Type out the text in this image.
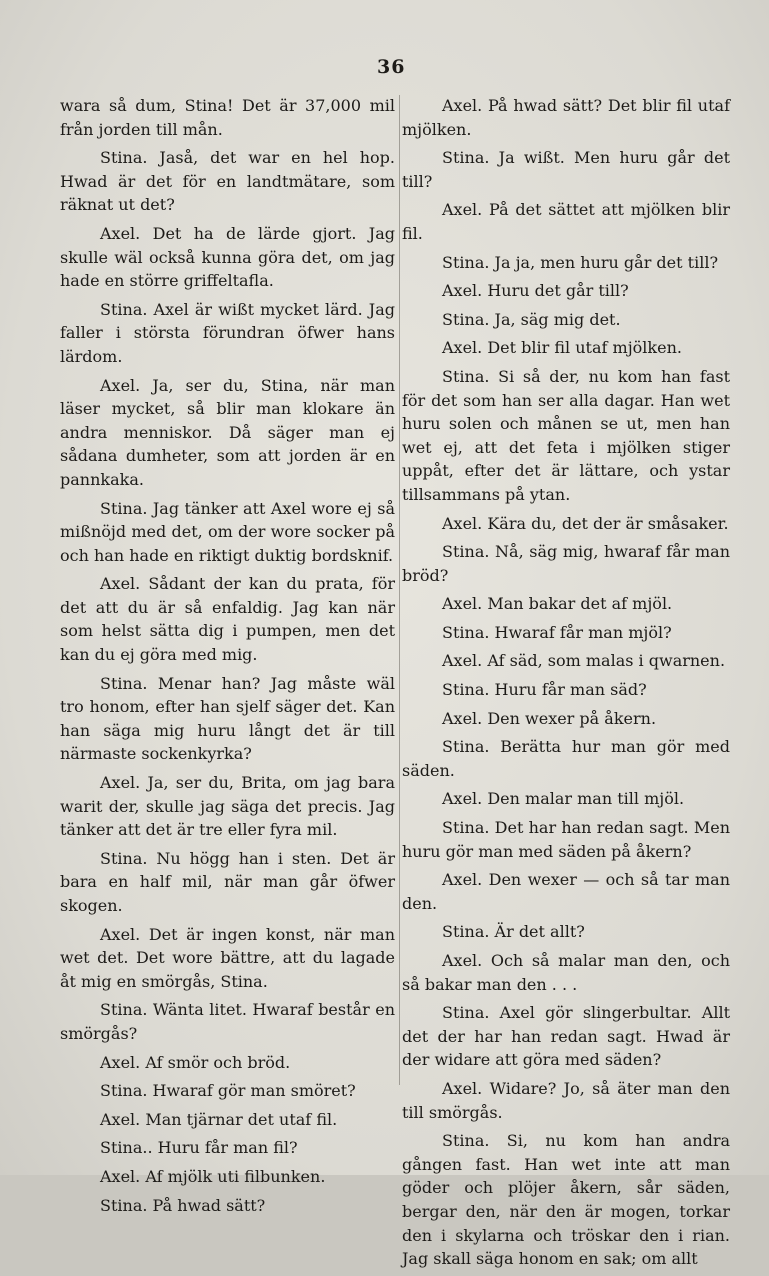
36

wara så dum, Stina! Det är 37,000 mil från jorden till mån.

Stina. Jaså, det war en hel hop. Hwad är det för en landtmätare, som räknat ut det?

Axel. Det ha de lärde gjort. Jag skulle wäl också kunna göra det, om jag hade en större griffeltafla.

Stina. Axel är wißt mycket lärd. Jag faller i största förundran öfwer hans lärdom.

Axel. Ja, ser du, Stina, när man läser mycket, så blir man klokare än andra menniskor. Då säger man ej sådana dumheter, som att jorden är en pannkaka.

Stina. Jag tänker att Axel wore ej så mißnöjd med det, om der wore socker på och han hade en riktigt duktig bordsknif.

Axel. Sådant der kan du prata, för det att du är så enfaldig. Jag kan när som helst sätta dig i pumpen, men det kan du ej göra med mig.

Stina. Menar han? Jag måste wäl tro honom, efter han sjelf säger det. Kan han säga mig huru långt det är till närmaste sockenkyrka?

Axel. Ja, ser du, Brita, om jag bara warit der, skulle jag säga det precis. Jag tänker att det är tre eller fyra mil.

Stina. Nu högg han i sten. Det är bara en half mil, när man går öfwer skogen.

Axel. Det är ingen konst, när man wet det. Det wore bättre, att du lagade åt mig en smörgås, Stina.

Stina. Wänta litet. Hwaraf består en smörgås?

Axel. Af smör och bröd.

Stina. Hwaraf gör man smöret?

Axel. Man tjärnar det utaf fil.

Stina.. Huru får man fil?

Axel. Af mjölk uti filbunken.

Stina. På hwad sätt?

Axel. På hwad sätt? Det blir fil utaf mjölken.

Stina. Ja wißt. Men huru går det till?

Axel. På det sättet att mjölken blir fil.

Stina. Ja ja, men huru går det till?

Axel. Huru det går till?

Stina. Ja, säg mig det.

Axel. Det blir fil utaf mjölken.

Stina. Si så der, nu kom han fast för det som han ser alla dagar. Han wet huru solen och månen se ut, men han wet ej, att det feta i mjölken stiger uppåt, efter det är lättare, och ystar tillsammans på ytan.

Axel. Kära du, det der är småsaker.

Stina. Nå, säg mig, hwaraf får man bröd?

Axel. Man bakar det af mjöl.

Stina. Hwaraf får man mjöl?

Axel. Af säd, som malas i qwarnen.

Stina. Huru får man säd?

Axel. Den wexer på åkern.

Stina. Berätta hur man gör med säden.

Axel. Den malar man till mjöl.

Stina. Det har han redan sagt. Men huru gör man med säden på åkern?

Axel. Den wexer — och så tar man den.

Stina. Är det allt?

Axel. Och så malar man den, och så bakar man den . . .

Stina. Axel gör slingerbultar. Allt det der har han redan sagt. Hwad är der widare att göra med säden?

Axel. Widare? Jo, så äter man den till smörgås.

Stina. Si, nu kom han andra gången fast. Han wet inte att man göder och plöjer åkern, sår säden, bergar den, när den är mogen, torkar den i skylarna och tröskar den i rian. Jag skall säga honom en sak; om allt
